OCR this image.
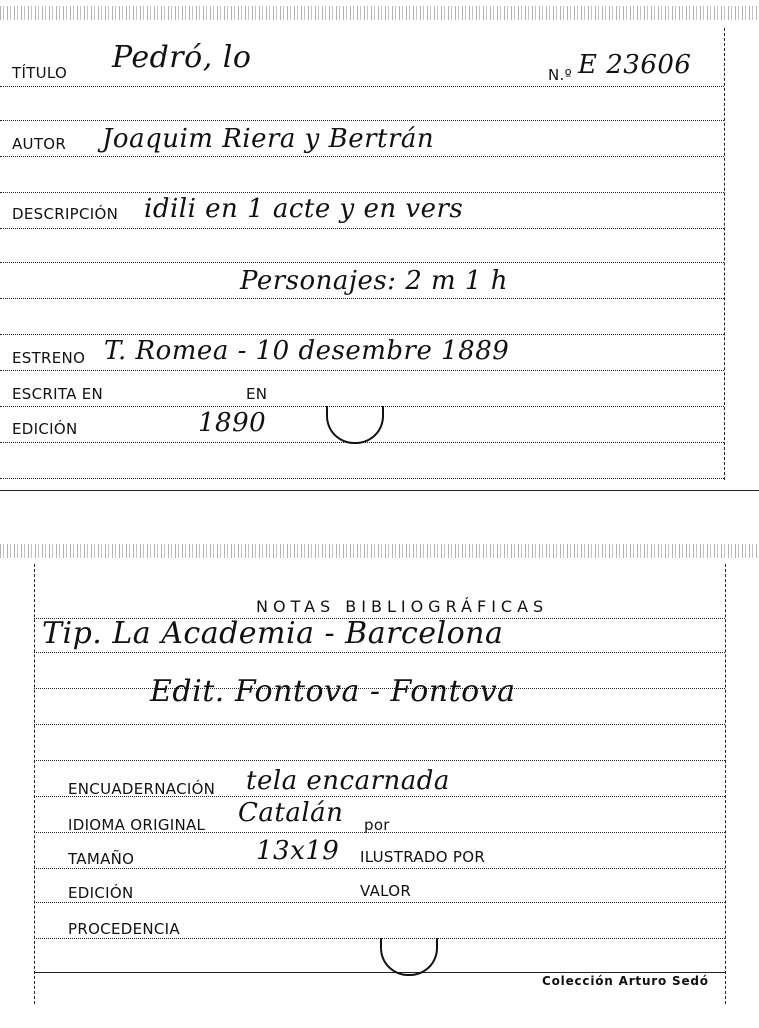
TÍTULO Pedró, lo	N.º E 23606
AUTOR Joaquim Riera y Bertrán
DESCRIPCIÓN idili en 1 acte y en vers
Personajes: 2 m 1 h
ESTRENO T. Romea - 10 desembre 1889
ESCRITA EN	EN
EDICIÓN	1890
NOTAS BIBLIOGRÁFICAS
Tip. La Academia - Barcelona
Edit. Fontova - Fontova
ENCUADERNACIÓN tela encarnada
IDIOMA ORIGINAL Catalán por
TAMAÑO	13x19 ILUSTRADO POR
EDICIÓN	VALOR
PROCEDENCIA
Colección Arturo Sedó
